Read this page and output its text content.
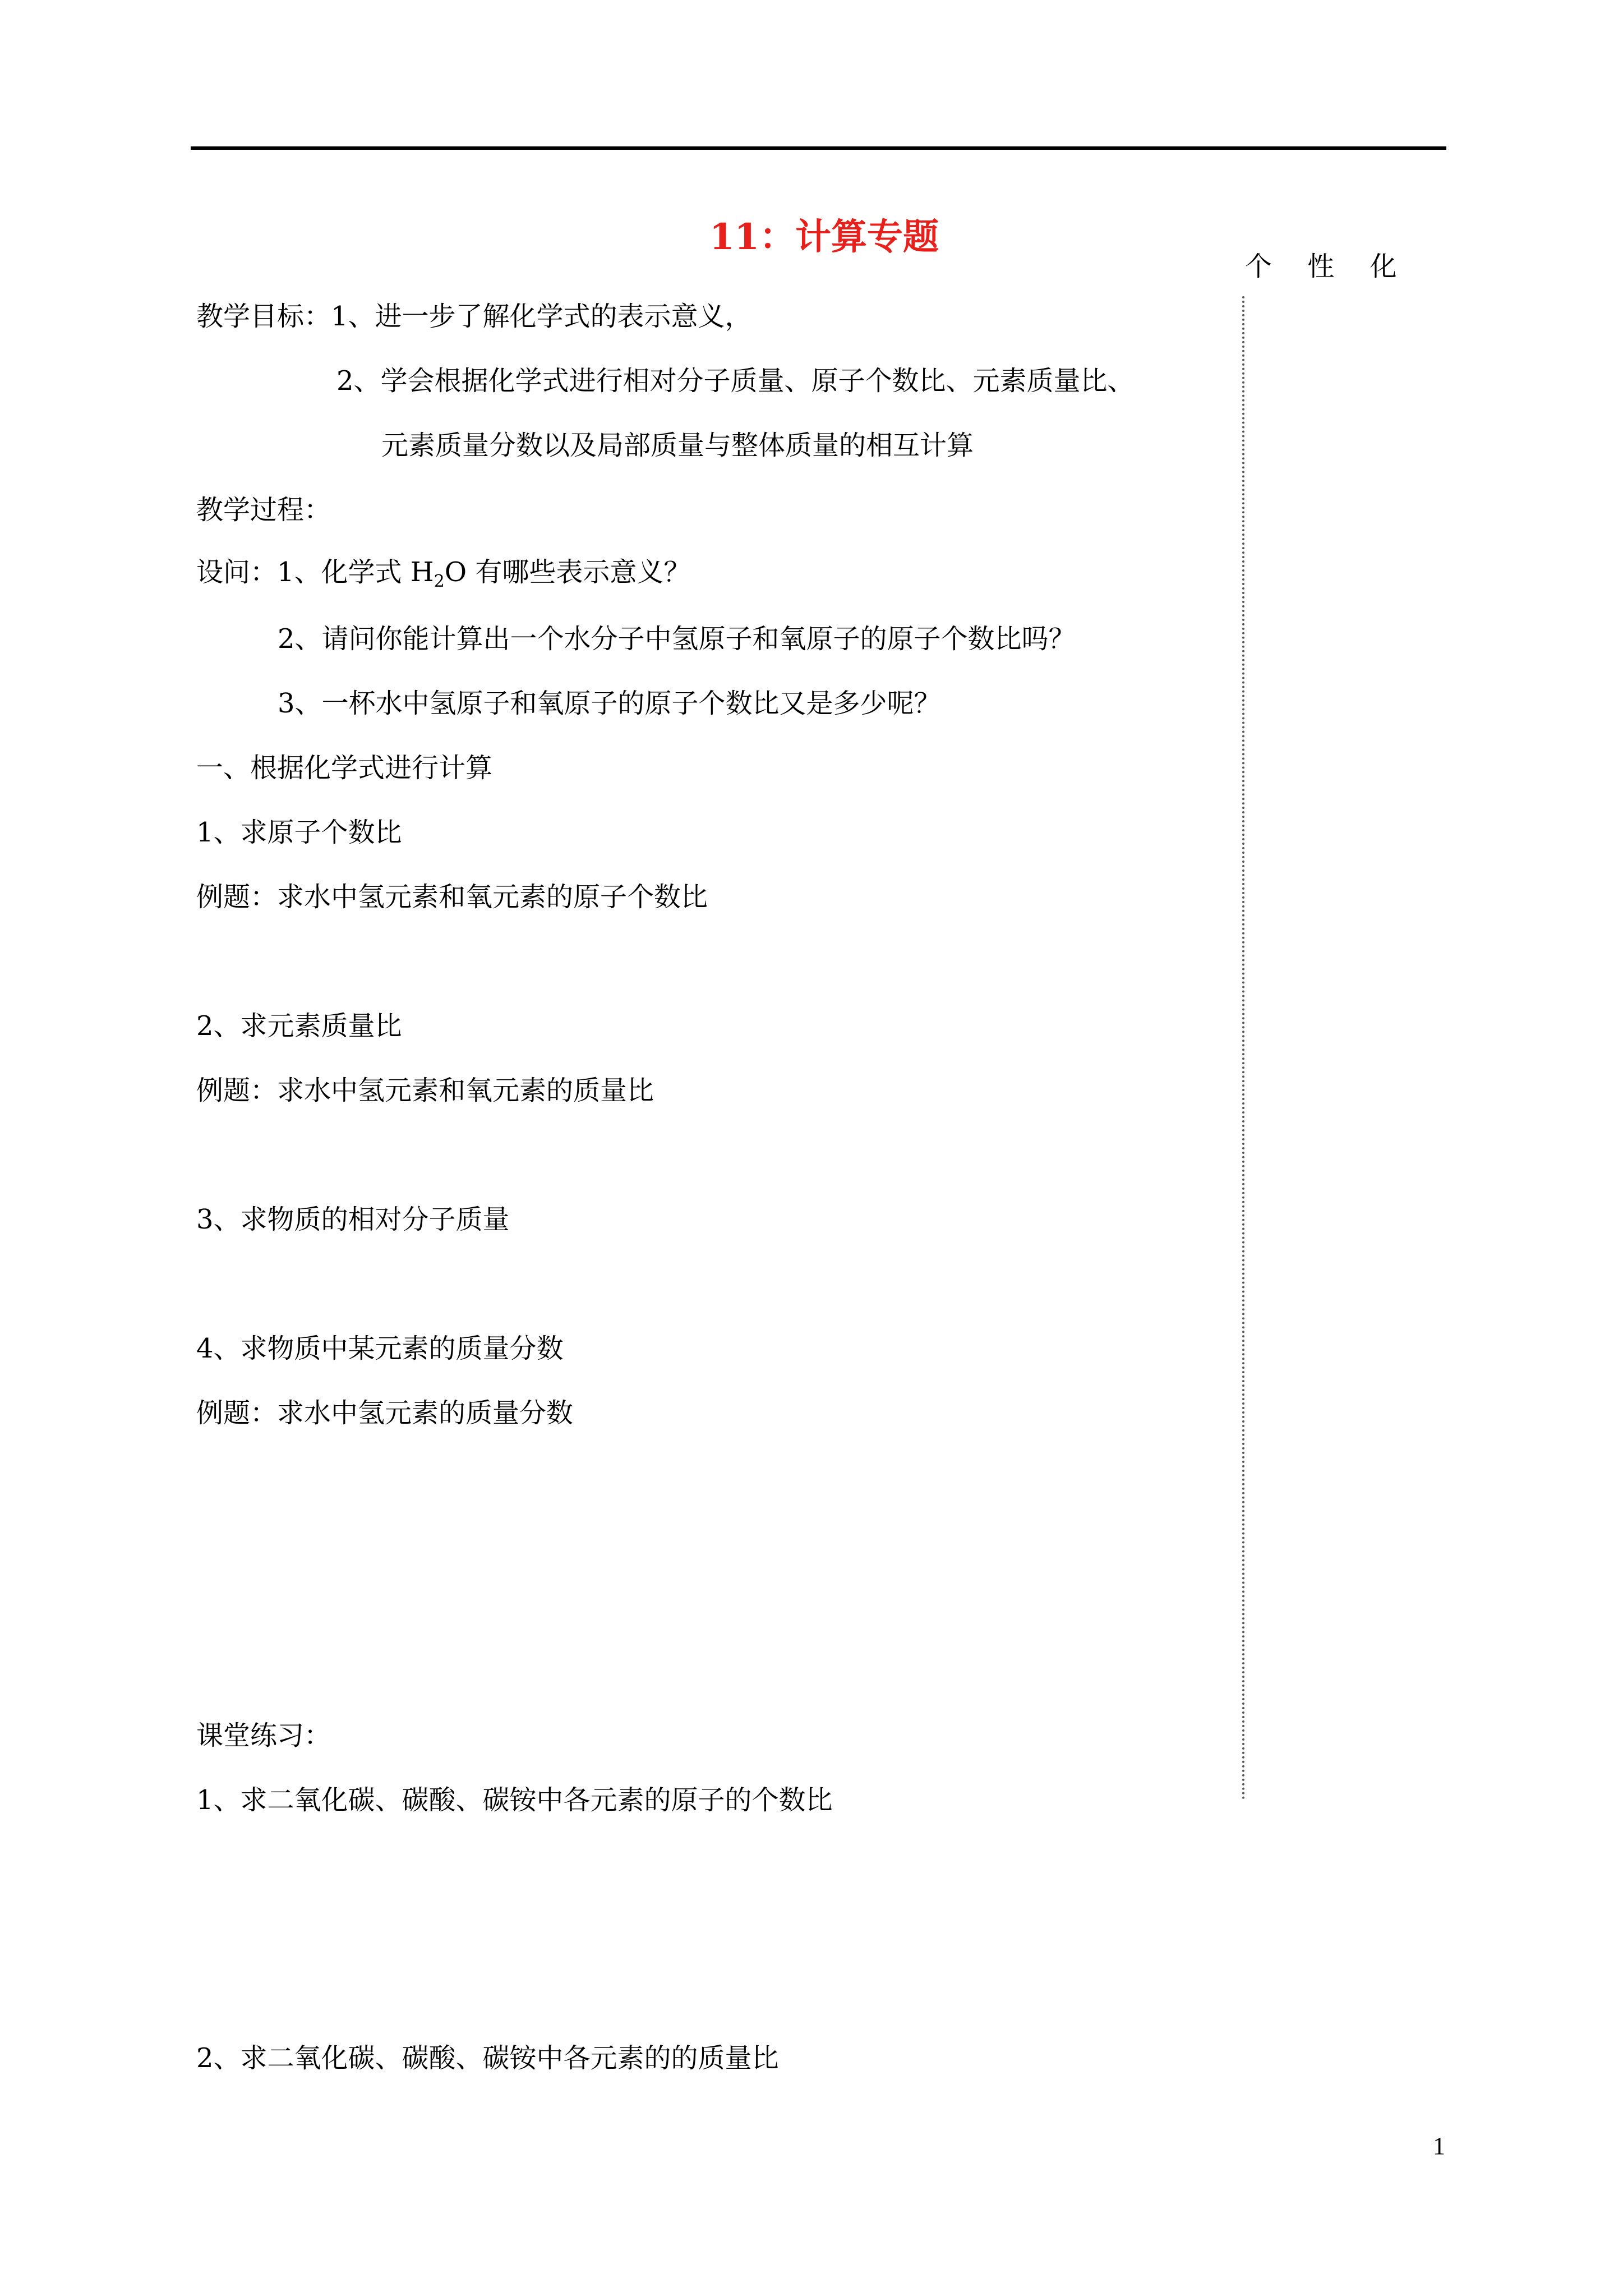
11：计算专题
个 性 化
教学目标：1、进一步了解化学式的表示意义，
2、学会根据化学式进行相对分子质量、原子个数比、元素质量比、
元素质量分数以及局部质量与整体质量的相互计算
教学过程：
设问：1、化学式 $H_2O$ 有哪些表示意义？
2、请问你能计算出一个水分子中氢原子和氧原子的原子个数比吗？
3、一杯水中氢原子和氧原子的原子个数比又是多少呢？
一、根据化学式进行计算
1、求原子个数比
例题：求水中氢元素和氧元素的原子个数比
2、求元素质量比
例题：求水中氢元素和氧元素的质量比
3、求物质的相对分子质量
4、求物质中某元素的质量分数
例题：求水中氢元素的质量分数
课堂练习：
1、求二氧化碳、碳酸、碳铵中各元素的原子的个数比
2、求二氧化碳、碳酸、碳铵中各元素的的质量比
1
